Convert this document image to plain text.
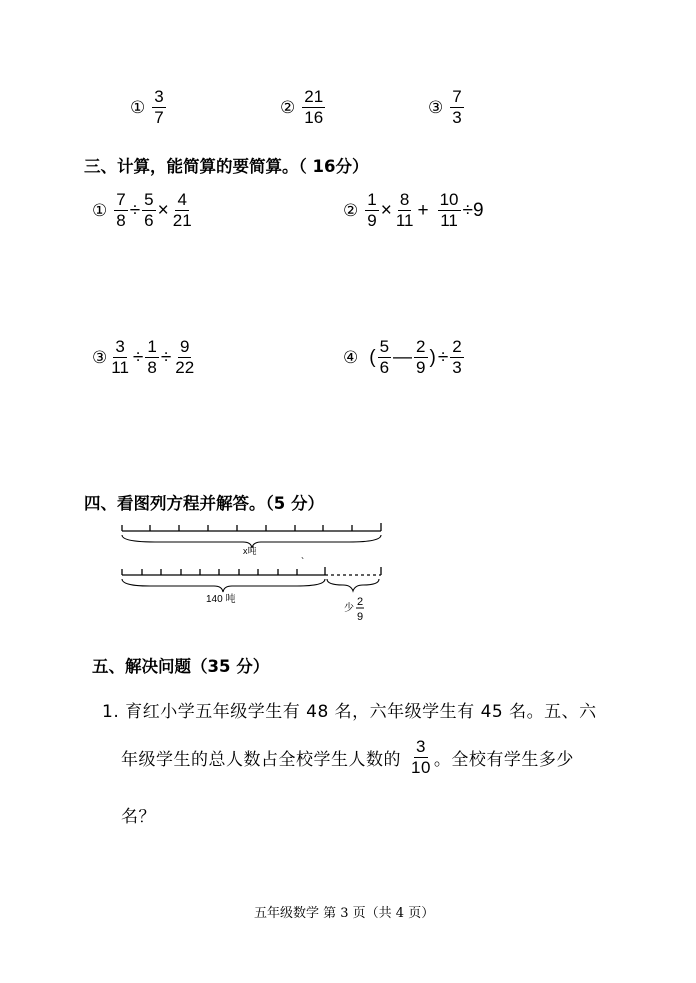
① $\frac{3}{7}$	② $\frac{21}{16}$	③ $\frac{7}{3}$
三、计算，能简算的要简算。（ 16分）
① $\frac{7}{8} \div \frac{5}{6} \times \frac{4}{21}$	② $\frac{1}{9} \times \frac{8}{11} + \frac{10}{11} \div 9$
③ $\frac{3}{11} \div \frac{1}{8} \div \frac{9}{22}$	④ ( $\frac{5}{6}$ — $\frac{2}{9}$ ) ÷ $\frac{2}{3}$
四、看图列方程并解答。（5 分）
x吨	、
140 吨
少
2
9
五、解决问题（35 分）
1. 育红小学五年级学生有 48 名，六年级学生有 45 名。五、六
年级学生的总人数占全校学生人数的 $\frac{3}{10}$ 。全校有学生多少
名？
五年级数学 第 3 页（共 4 页）
